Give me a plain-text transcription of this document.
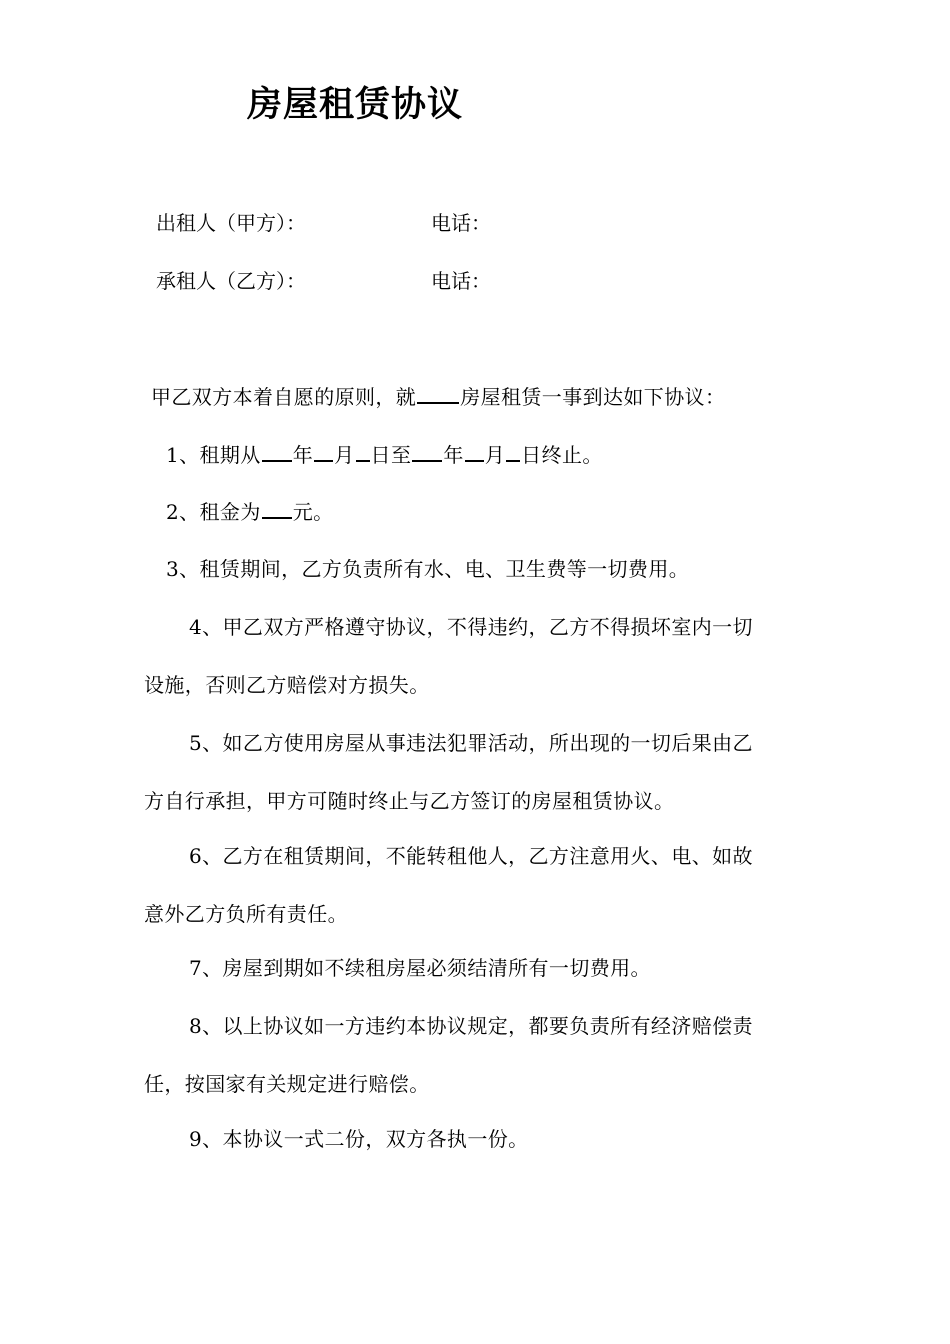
房屋租赁协议
出租人（甲方）：	电话：
承租人（乙方）：	电话：
甲乙双方本着自愿的原则，就 房屋租赁一事到达如下协议：
1、租期从 年 月 日至 年 月 日终止。
2、租金为 元。
3、租赁期间，乙方负责所有水、电、卫生费等一切费用。
4、甲乙双方严格遵守协议，不得违约，乙方不得损坏室内一切
设施，否则乙方赔偿对方损失。
5、如乙方使用房屋从事违法犯罪活动，所出现的一切后果由乙
方自行承担，甲方可随时终止与乙方签订的房屋租赁协议。
6、乙方在租赁期间，不能转租他人，乙方注意用火、电、如故
意外乙方负所有责任。
7、房屋到期如不续租房屋必须结清所有一切费用。
8、以上协议如一方违约本协议规定，都要负责所有经济赔偿责
任，按国家有关规定进行赔偿。
9、本协议一式二份，双方各执一份。
